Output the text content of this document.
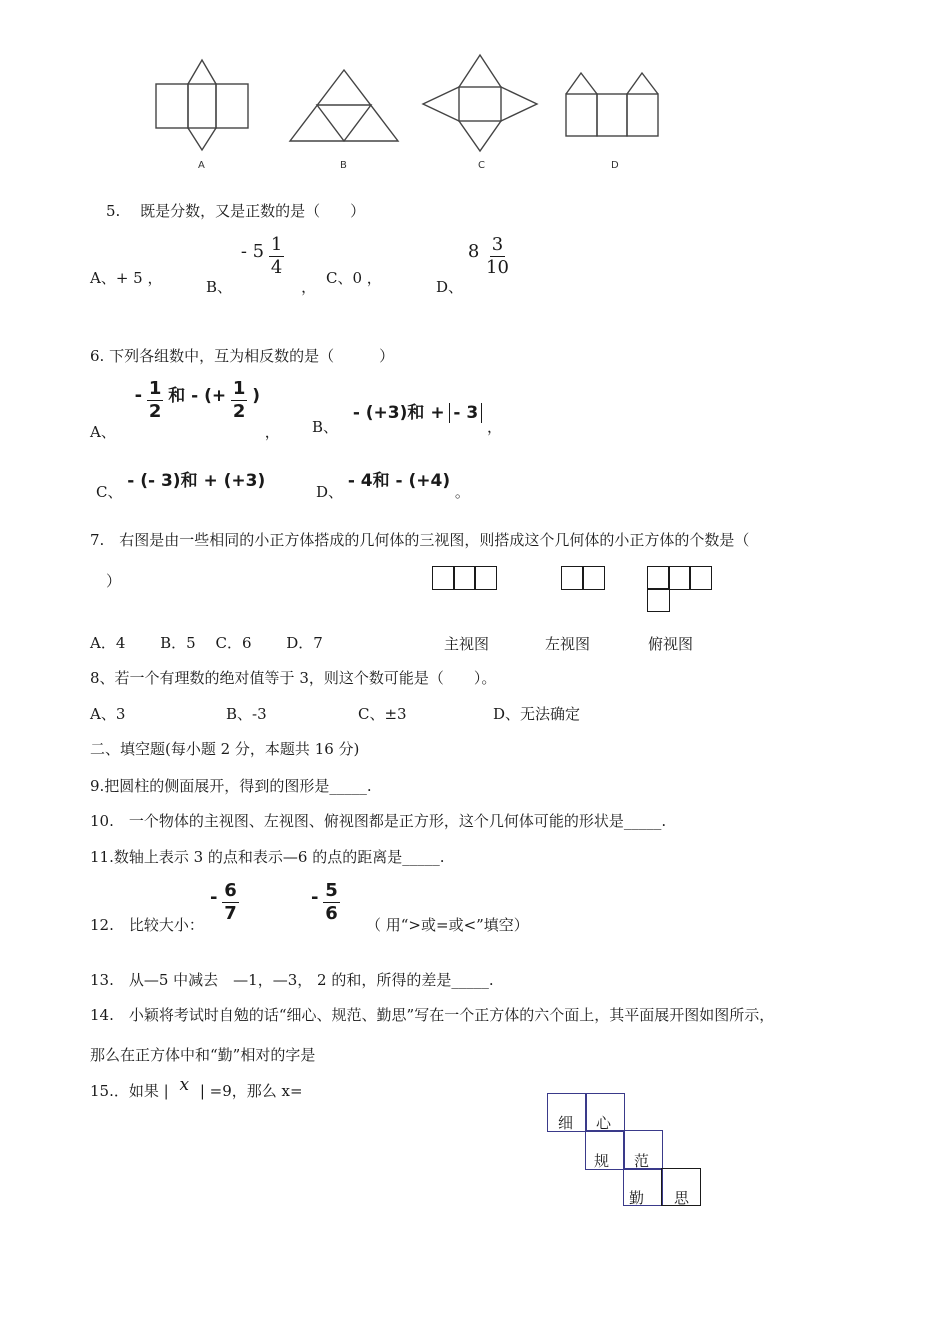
A	B	C	D
5.　 既是分数，又是正数的是（　　）
A、+ 5 ，	B、 - $5 \frac{1}{4}$
， C、0 ，	D、 $8 \frac{3}{10}$
6. 下列各组数中，互为相反数的是（　　　）
A、 - $\frac{1}{2}$ 和 - (+ $\frac{1}{2}$ ) ， B、 - (+3)和 + - 3 ，
C、 - (- 3)和 + (+3)
D、 - 4和 - (+4) 。
7.　右图是由一些相同的小正方体搭成的几何体的三视图，则搭成这个几何体的小正方体的个数是（
）
A．4　　 B．5　 C．6　　 D．7	主视图	左视图	俯视图
8、若一个有理数的绝对值等于 3，则这个数可能是（　　）。
A、3	B、-3	C、±3	D、无法确定
二、填空题(每小题 2 分，本题共 16 分)
9.把圆柱的侧面展开，得到的图形是_____.
10.　一个物体的主视图、左视图、俯视图都是正方形，这个几何体可能的形状是_____.
11.数轴上表示 3 的点和表示—6 的点的距离是_____.
12.　比较大小：
- $\frac{6}{7}$	- $\frac{5}{6}$
（ 用“>或=或<”填空）
13.　从—5 中减去　—1，—3， 2 的和，所得的差是_____.
14.　小颖将考试时自勉的话“细心、规范、勤思”写在一个正方体的六个面上，其平面展开图如图所示，
那么在正方体中和“勤”相对的字是
15.．如果 | x | =9，那么 x=
细 心
规 范
勤 思
